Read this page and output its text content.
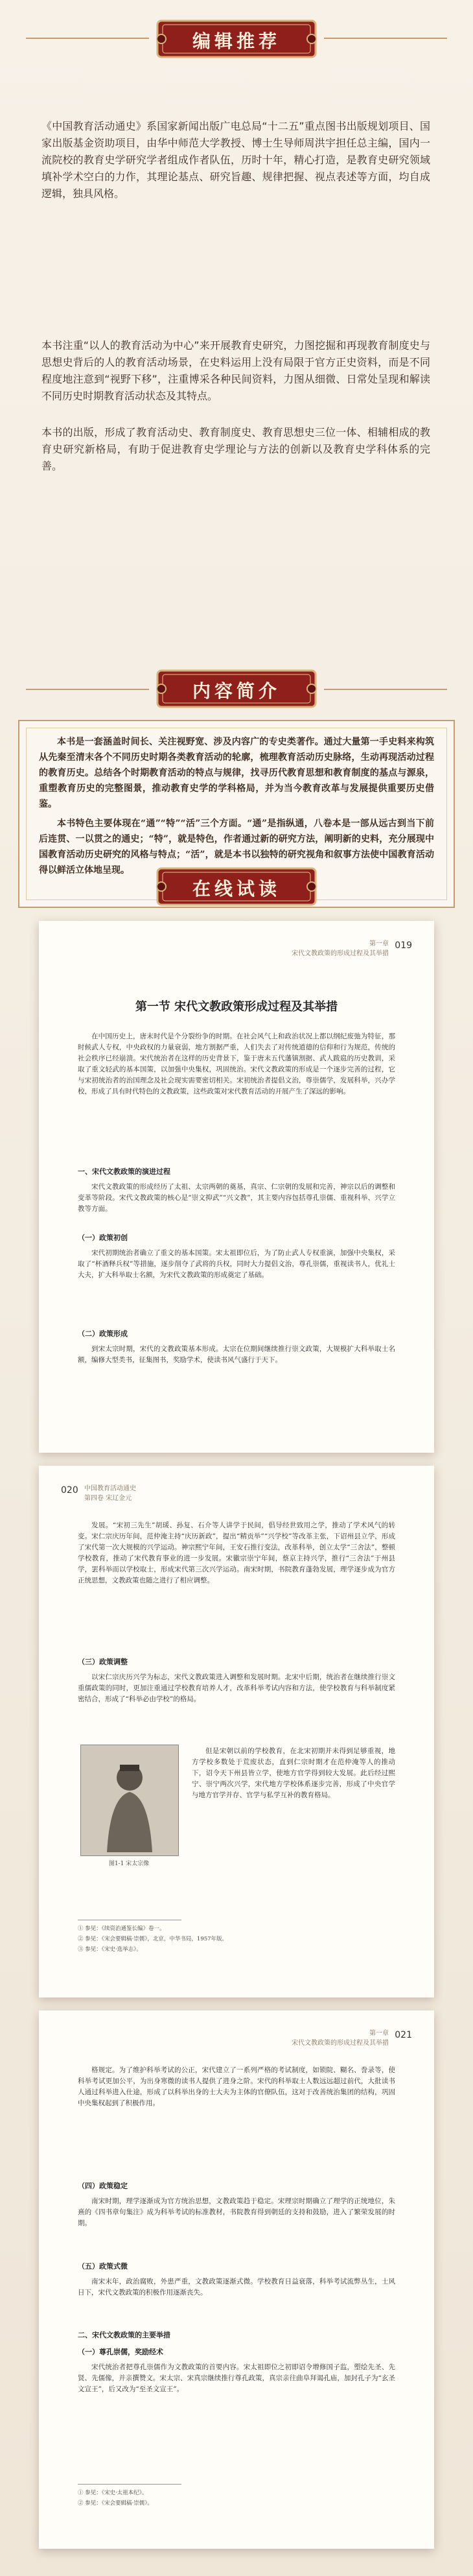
编辑推荐
《中国教育活动通史》系国家新闻出版广电总局“十二五”重点图书出版规划项目、国家出版基金资助项目，由华中师范大学教授、博士生导师周洪宇担任总主编，国内一流院校的教育史学研究学者组成作者队伍，历时十年，精心打造，是教育史研究领域填补学术空白的力作，其理论基点、研究旨趣、规律把握、视点表述等方面，均自成逻辑，独具风格。
本书注重“以人的教育活动为中心”来开展教育史研究，力图挖掘和再现教育制度史与思想史背后的人的教育活动场景，在史料运用上没有局限于官方正史资料，而是不同程度地注意到“视野下移”，注重博采各种民间资料，力图从细微、日常处呈现和解读不同历史时期教育活动状态及其特点。
本书的出版，形成了教育活动史、教育制度史、教育思想史三位一体、相辅相成的教育史研究新格局，有助于促进教育史学理论与方法的创新以及教育史学科体系的完善。
内容简介

本书是一套涵盖时间长、关注视野宽、涉及内容广的专史类著作。通过大量第一手史料来构筑从先秦至清末各个不同历史时期各类教育活动的轮廓，梳理教育活动历史脉络，生动再现活动过程的教育历史。总结各个时期教育活动的特点与规律，找寻历代教育思想和教育制度的基点与源泉，重塑教育历史的完整图景，推动教育史学的学科格局，并为当今教育改革与发展提供重要历史借鉴。

本书特色主要体现在“通”“特”“活”三个方面。“通”是指纵通，八卷本是一部从远古到当下前后连贯、一以贯之的通史；“特”，就是特色，作者通过新的研究方法，阐明新的史料，充分展现中国教育活动历史研究的风格与特点；“活”，就是本书以独特的研究视角和叙事方法使中国教育活动得以鲜活立体地呈现。

在线试读
第一章
宋代文教政策的形成过程及其举措
019
第一节 宋代文教政策形成过程及其举措
在中国历史上，唐末时代是个分裂纷争的时期。在社会风气上和政治状况上都以纲纪废弛为特征，那时候武人专权，中央政权的力量衰弱，地方割据严重，人们失去了对传统道德的信仰和行为规范，传统的社会秩序已经崩溃。宋代统治者在这样的历史背景下，鉴于唐末五代藩镇割据、武人跋扈的历史教训，采取了重文轻武的基本国策，以加强中央集权，巩固统治。宋代文教政策的形成是一个逐步完善的过程，它与宋初统治者的治国理念及社会现实需要密切相关。宋初统治者提倡文治，尊崇儒学，发展科举，兴办学校，形成了具有时代特色的文教政策，这些政策对宋代教育活动的开展产生了深远的影响。
一、宋代文教政策的演进过程
宋代文教政策的形成经历了太祖、太宗两朝的奠基，真宗、仁宗朝的发展和完善，神宗以后的调整和变革等阶段。宋代文教政策的核心是“崇文抑武”“兴文教”，其主要内容包括尊孔崇儒、重视科举、兴学立教等方面。
（一）政策初创
宋代初期统治者确立了重文的基本国策。宋太祖即位后，为了防止武人专权重演，加强中央集权，采取了“杯酒释兵权”等措施，逐步削夺了武将的兵权，同时大力提倡文治，尊孔崇儒，重视读书人，优礼士大夫，扩大科举取士名额，为宋代文教政策的形成奠定了基础。
（二）政策形成
到宋太宗时期，宋代的文教政策基本形成。太宗在位期间继续推行崇文政策，大规模扩大科举取士名额，编修大型类书，征集图书，奖励学术，使读书风气盛行于天下。
020 中国教育活动通史
第四卷 宋辽金元
发展。“宋初三先生”胡瑗、孙复、石介等人讲学于民间，倡导经世致用之学，推动了学术风气的转变。宋仁宗庆历年间，范仲淹主持“庆历新政”，提出“精贡举”“兴学校”等改革主张，下诏州县立学，形成了宋代第一次大规模的兴学运动。神宗熙宁年间，王安石推行变法，改革科举，创立太学“三舍法”，整顿学校教育，推动了宋代教育事业的进一步发展。宋徽宗崇宁年间，蔡京主持兴学，推行“三舍法”于州县学，罢科举而以学校取士，形成宋代第三次兴学运动。南宋时期，书院教育蓬勃发展，理学逐步成为官方正统思想，文教政策也随之进行了相应调整。
（三）政策调整
以宋仁宗庆历兴学为标志，宋代文教政策进入调整和发展时期。北宋中后期，统治者在继续推行崇文重儒政策的同时，更加注重通过学校教育培养人才，改革科举考试内容和方法，使学校教育与科举制度紧密结合，形成了“科举必由学校”的格局。
图1-1 宋太宗像
但是宋朝以前的学校教育，在北宋初期并未得到足够重视，地方学校多数处于荒废状态，直到仁宗时期才在范仲淹等人的推动下，诏令天下州县皆立学，使地方官学得到较大发展。此后经过熙宁、崇宁两次兴学，宋代地方学校体系逐步完善，形成了中央官学与地方官学并存、官学与私学互补的教育格局。
① 参见：《续资治通鉴长编》卷一。
② 参见：《宋会要辑稿·崇儒》，北京，中华书局，1957年版。
③ 参见：《宋史·选举志》。
第一章
宋代文教政策的形成过程及其举措
021
格规定。为了维护科举考试的公正，宋代建立了一系列严格的考试制度，如锁院、糊名、誊录等，使科举考试更加公平，为出身寒微的读书人提供了进身之阶。宋代的科举取士人数远远超过前代，大批读书人通过科举进入仕途，形成了以科举出身的士大夫为主体的官僚队伍，这对于改善统治集团的结构，巩固中央集权起到了积极作用。
（四）政策稳定
南宋时期，理学逐渐成为官方统治思想，文教政策趋于稳定。宋理宗时期确立了理学的正统地位，朱熹的《四书章句集注》成为科举考试的标准教材，书院教育得到朝廷的支持和鼓励，进入了繁荣发展的时期。
（五）政策式微
南宋末年，政治腐败，外患严重，文教政策逐渐式微。学校教育日益衰落，科举考试流弊丛生，士风日下，宋代文教政策的积极作用逐渐丧失。
二、宋代文教政策的主要举措
（一）尊孔崇儒，奖励经术
宋代统治者把尊孔崇儒作为文教政策的首要内容。宋太祖即位之初即诏令增修国子监，塑绘先圣、先贤、先儒像，并亲撰赞文。宋太宗、宋真宗继续推行尊孔政策，真宗亲往曲阜拜谒孔庙，加封孔子为“玄圣文宣王”，后又改为“至圣文宣王”。
① 参见：《宋史·太祖本纪》。
② 参见：《宋会要辑稿·崇儒》。
